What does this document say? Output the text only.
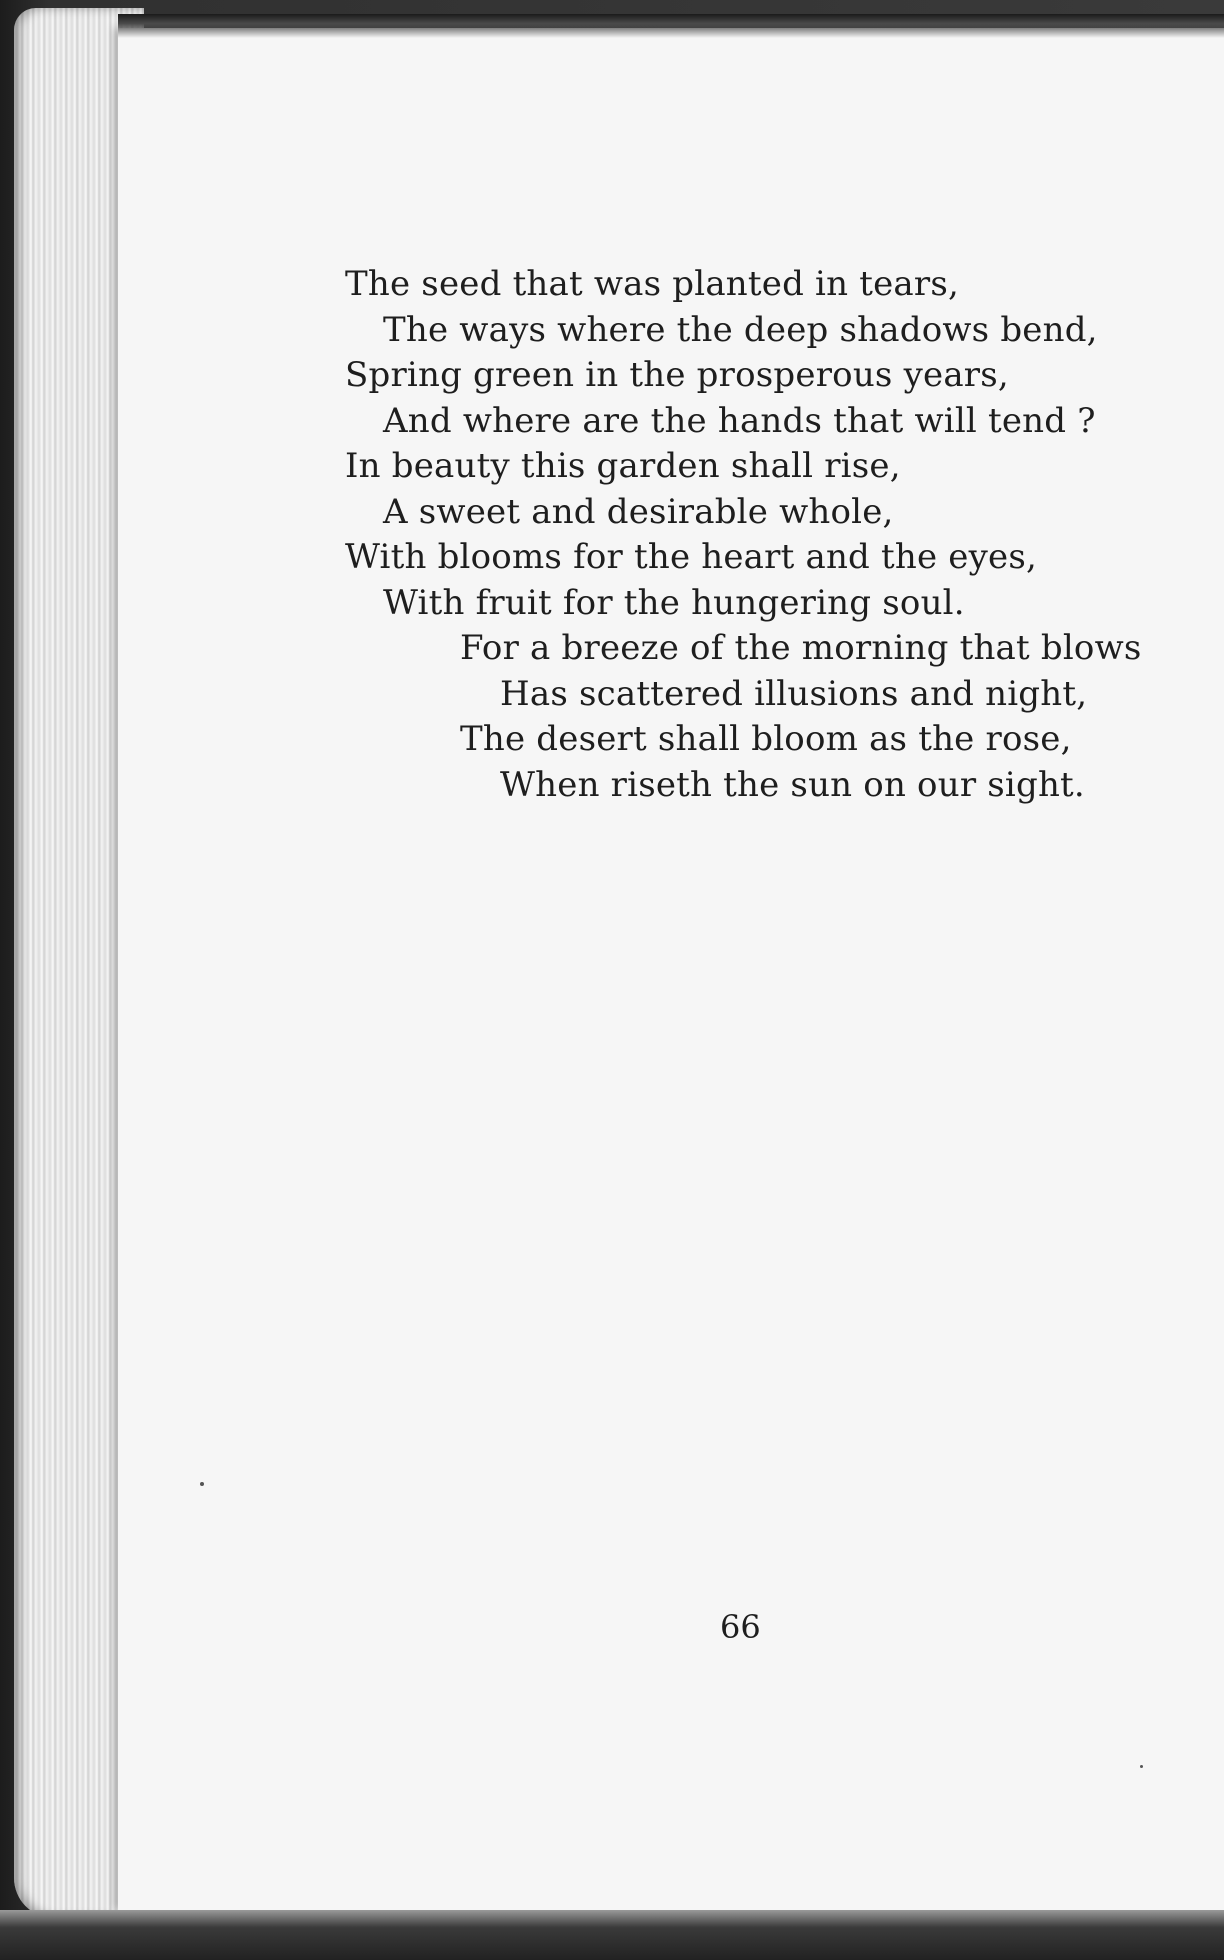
The seed that was planted in tears,
The ways where the deep shadows bend,
Spring green in the prosperous years,
And where are the hands that will tend ?
In beauty this garden shall rise,
A sweet and desirable whole,
With blooms for the heart and the eyes,
With fruit for the hungering soul.
For a breeze of the morning that blows
Has scattered illusions and night,
The desert shall bloom as the rose,
When riseth the sun on our sight.
66
